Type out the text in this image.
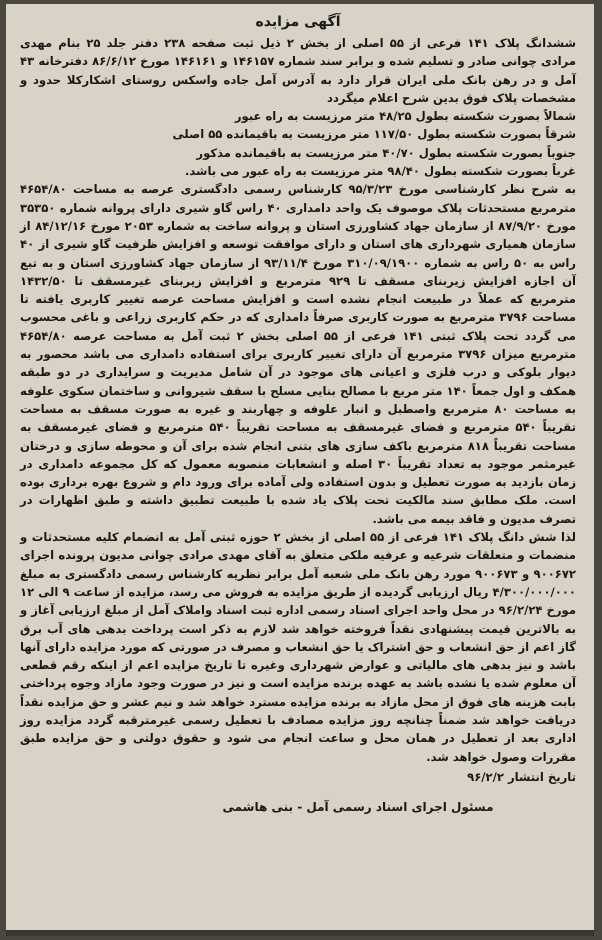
آگهی مزایده

ششدانگ پلاک ۱۴۱ فرعی از ۵۵ اصلی از بخش ۲ ذیل ثبت صفحه ۲۳۸ دفتر جلد ۲۵ بنام مهدی مرادی چوانی صادر و تسلیم شده و برابر سند شماره ۱۴۶۱۵۷ و ۱۴۶۱۶۱ مورخ ۸۶/۶/۱۲ دفترخانه ۴۳ آمل و در رهن بانک ملی ایران قرار دارد به آدرس آمل جاده واسکس روستای اشکارکلا حدود و مشخصات پلاک فوق بدین شرح اعلام میگردد

شمالاً بصورت شکسته بطول ۴۸/۲۵ متر مرزیست به راه عبور

شرقاً بصورت شکسته بطول ۱۱۷/۵۰ متر مرزیست به باقیمانده ۵۵ اصلی

جنوباً بصورت شکسته بطول ۴۰/۷۰ متر مرزیست به باقیمانده مذکور

غرباً بصورت شکسته بطول ۹۸/۴۰ متر مرزیست به راه عبور می باشد.

به شرح نظر کارشناسی مورخ ۹۵/۳/۲۳ کارشناس رسمی دادگستری عرصه به مساحت ۴۶۵۴/۸۰ مترمربع مستحدثات پلاک موصوف یک واحد دامداری ۴۰ راس گاو شیری دارای پروانه شماره ۳۵۳۵۰ مورخ ۸۷/۹/۲۰ از سازمان جهاد کشاورزی استان و پروانه ساخت به شماره ۲۰۵۳ مورخ ۸۴/۱۲/۱۶ از سازمان همیاری شهرداری های استان و دارای موافقت توسعه و افزایش ظرفیت گاو شیری از ۴۰ راس به ۵۰ راس به شماره ۳۱۰/۰۹/۱۹۰۰ مورخ ۹۳/۱۱/۴ از سازمان جهاد کشاورزی استان و به تبع آن اجازه افزایش زیربنای مسقف تا ۹۲۹ مترمربع و افزایش زیربنای غیرمسقف تا ۱۴۳۲/۵۰ مترمربع که عملاً در طبیعت انجام نشده است و افزایش مساحت عرصه تغییر کاربری یافته تا مساحت ۳۷۹۶ مترمربع به صورت کاربری صرفاً دامداری که در حکم کاربری زراعی و باغی محسوب می گردد تحت پلاک ثبتی ۱۴۱ فرعی از ۵۵ اصلی بخش ۲ ثبت آمل به مساحت عرصه ۴۶۵۴/۸۰ مترمربع میزان ۳۷۹۶ مترمربع آن دارای تغییر کاربری برای استفاده دامداری می باشد محصور به دیوار بلوکی و درب فلزی و اعیانی های موجود در آن شامل مدیریت و سرایداری در دو طبقه همکف و اول جمعاً ۱۴۰ متر مربع با مصالح بنایی مسلح با سقف شیروانی و ساختمان سکوی علوفه به مساحت ۸۰ مترمربع واصطبل و انبار علوفه و چهاربند و غیره به صورت مسقف به مساحت تقریباً ۵۴۰ مترمربع و فضای غیرمسقف به مساحت تقریباً ۵۴۰ مترمربع و فضای غیرمسقف به مساحت تقریباً ۸۱۸ مترمربع باکف سازی های بتنی انجام شده برای آن و محوطه سازی و درختان غیرمثمر موجود به تعداد تقریباً ۳۰ اصله و انشعابات منصوبه معمول که کل مجموعه دامداری در زمان بازدید به صورت تعطیل و بدون استفاده ولی آماده برای ورود دام و شروع بهره برداری بوده است. ملک مطابق سند مالکیت تحت پلاک یاد شده با طبیعت تطبیق داشته و طبق اظهارات در تصرف مدیون و فاقد بیمه می باشد.

لذا شش دانگ پلاک ۱۴۱ فرعی از ۵۵ اصلی از بخش ۲ حوزه ثبتی آمل به انضمام کلیه مستحدثات و منضمات و متعلقات شرعیه و عرفیه ملکی متعلق به آقای مهدی مرادی چوانی مدیون پرونده اجرای ۹۰۰۶۷۲ و ۹۰۰۶۷۳ مورد رهن بانک ملی شعبه آمل برابر نظریه کارشناس رسمی دادگستری به مبلغ ۴/۳۰۰/۰۰۰/۰۰۰ ریال ارزیابی گردیده از طریق مزایده به فروش می رسد، مزایده از ساعت ۹ الی ۱۲ مورخ ۹۶/۲/۲۴ در محل واحد اجرای اسناد رسمی اداره ثبت اسناد واملاک آمل از مبلغ ارزیابی آغاز و به بالاترین قیمت پیشنهادی نقداً فروخته خواهد شد لازم به ذکر است پرداخت بدهی های آب برق گاز اعم از حق انشعاب و حق اشتراک یا حق انشعاب و مصرف در صورتی که مورد مزایده دارای آنها باشد و نیز بدهی های مالیاتی و عوارض شهرداری وغیره تا تاریخ مزایده اعم از اینکه رقم قطعی آن معلوم شده یا نشده باشد به عهده برنده مزایده است و نیز در صورت وجود مازاد وجوه پرداختی بابت هزینه های فوق از محل مازاد به برنده مزایده مسترد خواهد شد و نیم عشر و حق مزایده نقداً دریافت خواهد شد ضمناً چنانچه روز مزایده مصادف با تعطیل رسمی غیرمترقبه گردد مزایده روز اداری بعد از تعطیل در همان محل و ساعت انجام می شود و حقوق دولتی و حق مزایده طبق مقررات وصول خواهد شد.

تاریخ انتشار ۹۶/۲/۲

مسئول اجرای اسناد رسمی آمل - بنی هاشمی
